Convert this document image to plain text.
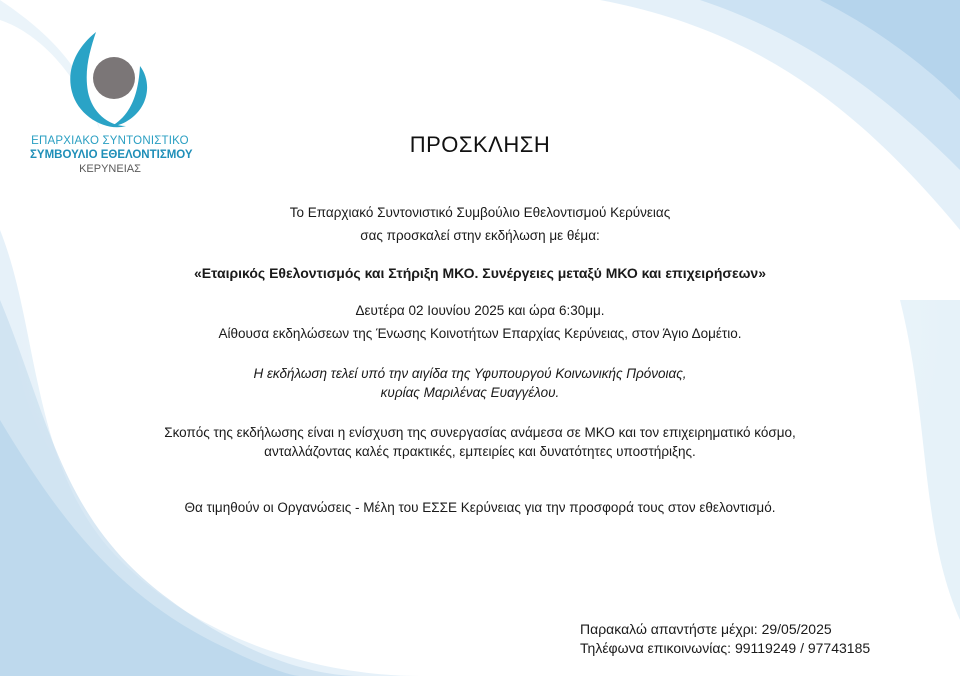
ΕΠΑΡΧΙΑΚΟ ΣΥΝΤΟΝΙΣΤΙΚΟ
ΣΥΜΒΟΥΛΙΟ ΕΘΕΛΟΝΤΙΣΜΟΥ
ΚΕΡΥΝΕΙΑΣ
ΠΡΟΣΚΛΗΣΗ
Το Επαρχιακό Συντονιστικό Συμβούλιο Εθελοντισμού Κερύνειας
σας προσκαλεί στην εκδήλωση με θέμα:
«Εταιρικός Εθελοντισμός και Στήριξη ΜΚΟ. Συνέργειες μεταξύ ΜΚΟ και επιχειρήσεων»
Δευτέρα 02 Ιουνίου 2025 και ώρα 6:30μμ.
Αίθουσα εκδηλώσεων της Ένωσης Κοινοτήτων Επαρχίας Κερύνειας, στον Άγιο Δομέτιο.
Η εκδήλωση τελεί υπό την αιγίδα της Υφυπουργού Κοινωνικής Πρόνοιας,
κυρίας Μαριλένας Ευαγγέλου.
Σκοπός της εκδήλωσης είναι η ενίσχυση της συνεργασίας ανάμεσα σε ΜΚΟ και τον επιχειρηματικό κόσμο,
ανταλλάζοντας καλές πρακτικές, εμπειρίες και δυνατότητες υποστήριξης.
Θα τιμηθούν οι Οργανώσεις - Μέλη του ΕΣΣΕ Κερύνειας για την προσφορά τους στον εθελοντισμό.
Παρακαλώ απαντήστε μέχρι: 29/05/2025
Τηλέφωνα επικοινωνίας: 99119249 / 97743185
